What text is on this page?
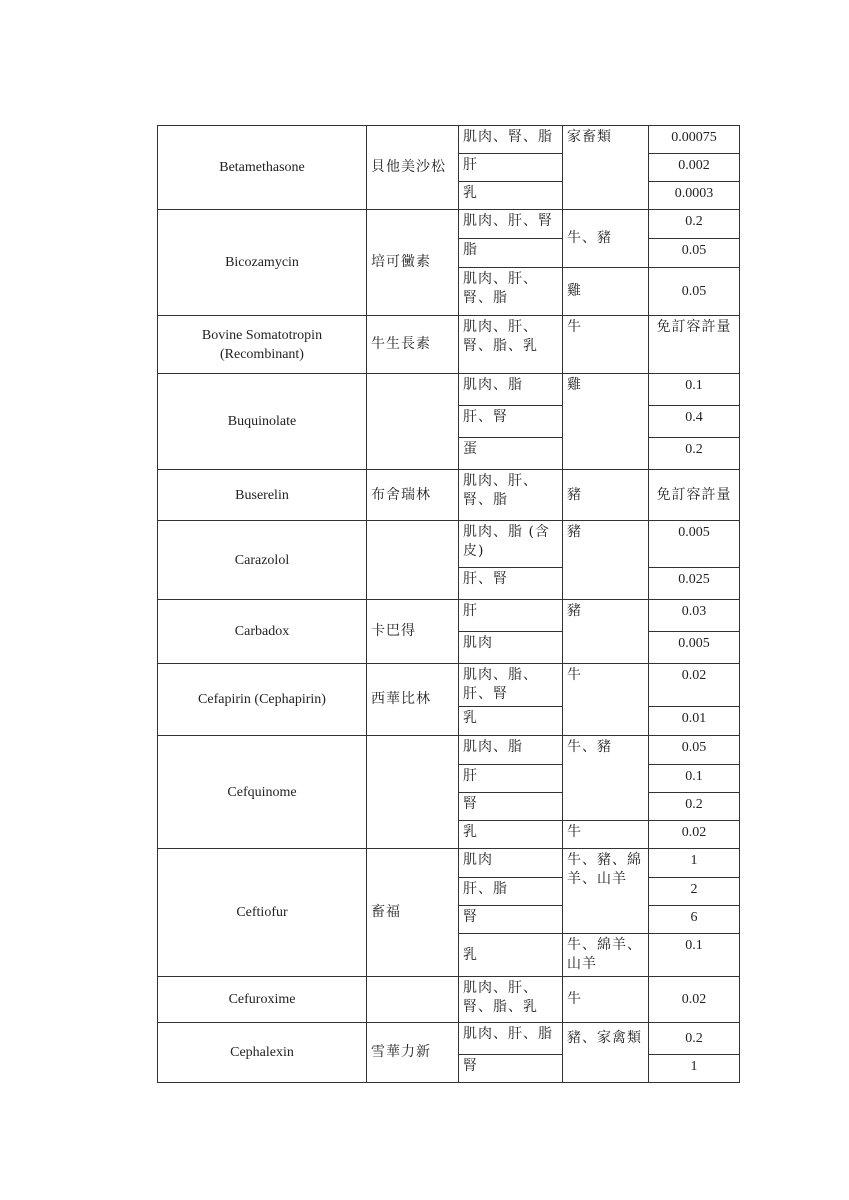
Betamethasone	貝他美沙松	肌肉、腎、脂	家畜類	0.00075
		肝		0.002
		乳		0.0003
Bicozamycin	培可黴素	肌肉、肝、腎	牛、豬	0.2
		脂		0.05
		肌肉、肝、腎、脂	雞	0.05
Bovine Somatotropin (Recombinant)	牛生長素	肌肉、肝、腎、脂、乳	牛	免訂容許量
Buquinolate		肌肉、脂	雞	0.1
		肝、腎		0.4
		蛋		0.2
Buserelin	布舍瑞林	肌肉、肝、腎、脂	豬	免訂容許量
Carazolol		肌肉、脂 (含皮)	豬	0.005
		肝、腎		0.025
Carbadox	卡巴得	肝	豬	0.03
		肌肉		0.005
Cefapirin (Cephapirin)	西華比林	肌肉、脂、肝、腎	牛	0.02
		乳		0.01
Cefquinome		肌肉、脂	牛、豬	0.05
		肝		0.1
		腎		0.2
		乳	牛	0.02
Ceftiofur	畜福	肌肉	牛、豬、綿羊、山羊	1
		肝、脂		2
		腎		6
		乳	牛、綿羊、山羊	0.1
Cefuroxime		肌肉、肝、腎、脂、乳	牛	0.02
Cephalexin	雪華力新	肌肉、肝、脂	豬、家禽類	0.2
		腎		1
